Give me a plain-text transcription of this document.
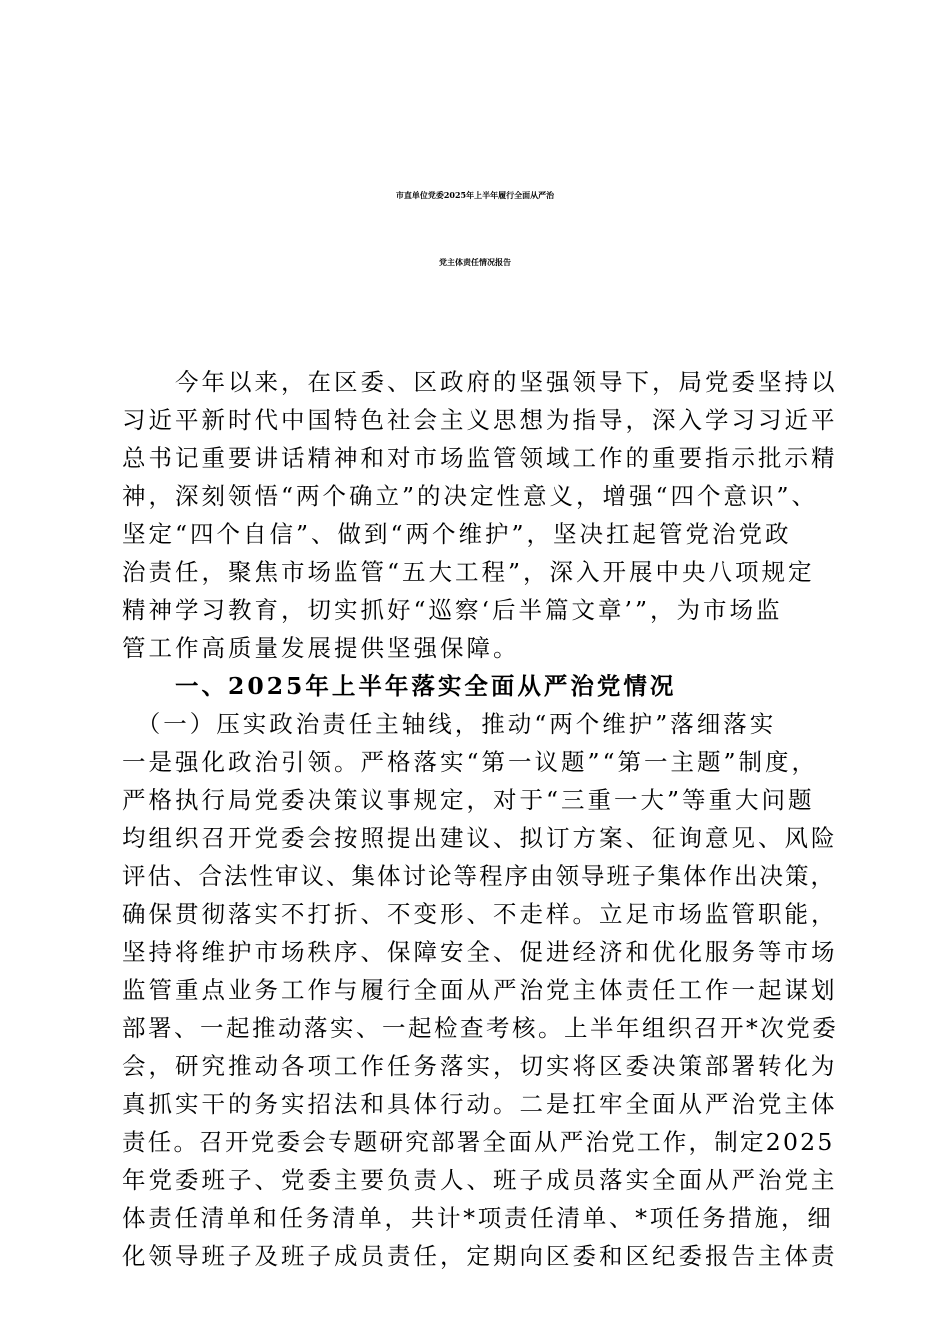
市直单位党委2025年上半年履行全面从严治
党主体责任情况报告
　　今年以来，在区委、区政府的坚强领导下，局党委坚持以
习近平新时代中国特色社会主义思想为指导，深入学习习近平
总书记重要讲话精神和对市场监管领域工作的重要指示批示精
神，深刻领悟“两个确立”的决定性意义，增强“四个意识”、
坚定“四个自信”、做到“两个维护”，坚决扛起管党治党政
治责任，聚焦市场监管“五大工程”，深入开展中央八项规定
精神学习教育，切实抓好“巡察‘后半篇文章’”，为市场监
管工作高质量发展提供坚强保障。
　　一、2025年上半年落实全面从严治党情况
　（一）压实政治责任主轴线，推动“两个维护”落细落实
一是强化政治引领。严格落实“第一议题”“第一主题”制度，
严格执行局党委决策议事规定，对于“三重一大”等重大问题
均组织召开党委会按照提出建议、拟订方案、征询意见、风险
评估、合法性审议、集体讨论等程序由领导班子集体作出决策，
确保贯彻落实不打折、不变形、不走样。立足市场监管职能，
坚持将维护市场秩序、保障安全、促进经济和优化服务等市场
监管重点业务工作与履行全面从严治党主体责任工作一起谋划
部署、一起推动落实、一起检查考核。上半年组织召开*次党委
会，研究推动各项工作任务落实，切实将区委决策部署转化为
真抓实干的务实招法和具体行动。二是扛牢全面从严治党主体
责任。召开党委会专题研究部署全面从严治党工作，制定2025
年党委班子、党委主要负责人、班子成员落实全面从严治党主
体责任清单和任务清单，共计*项责任清单、*项任务措施，细
化领导班子及班子成员责任，定期向区委和区纪委报告主体责
